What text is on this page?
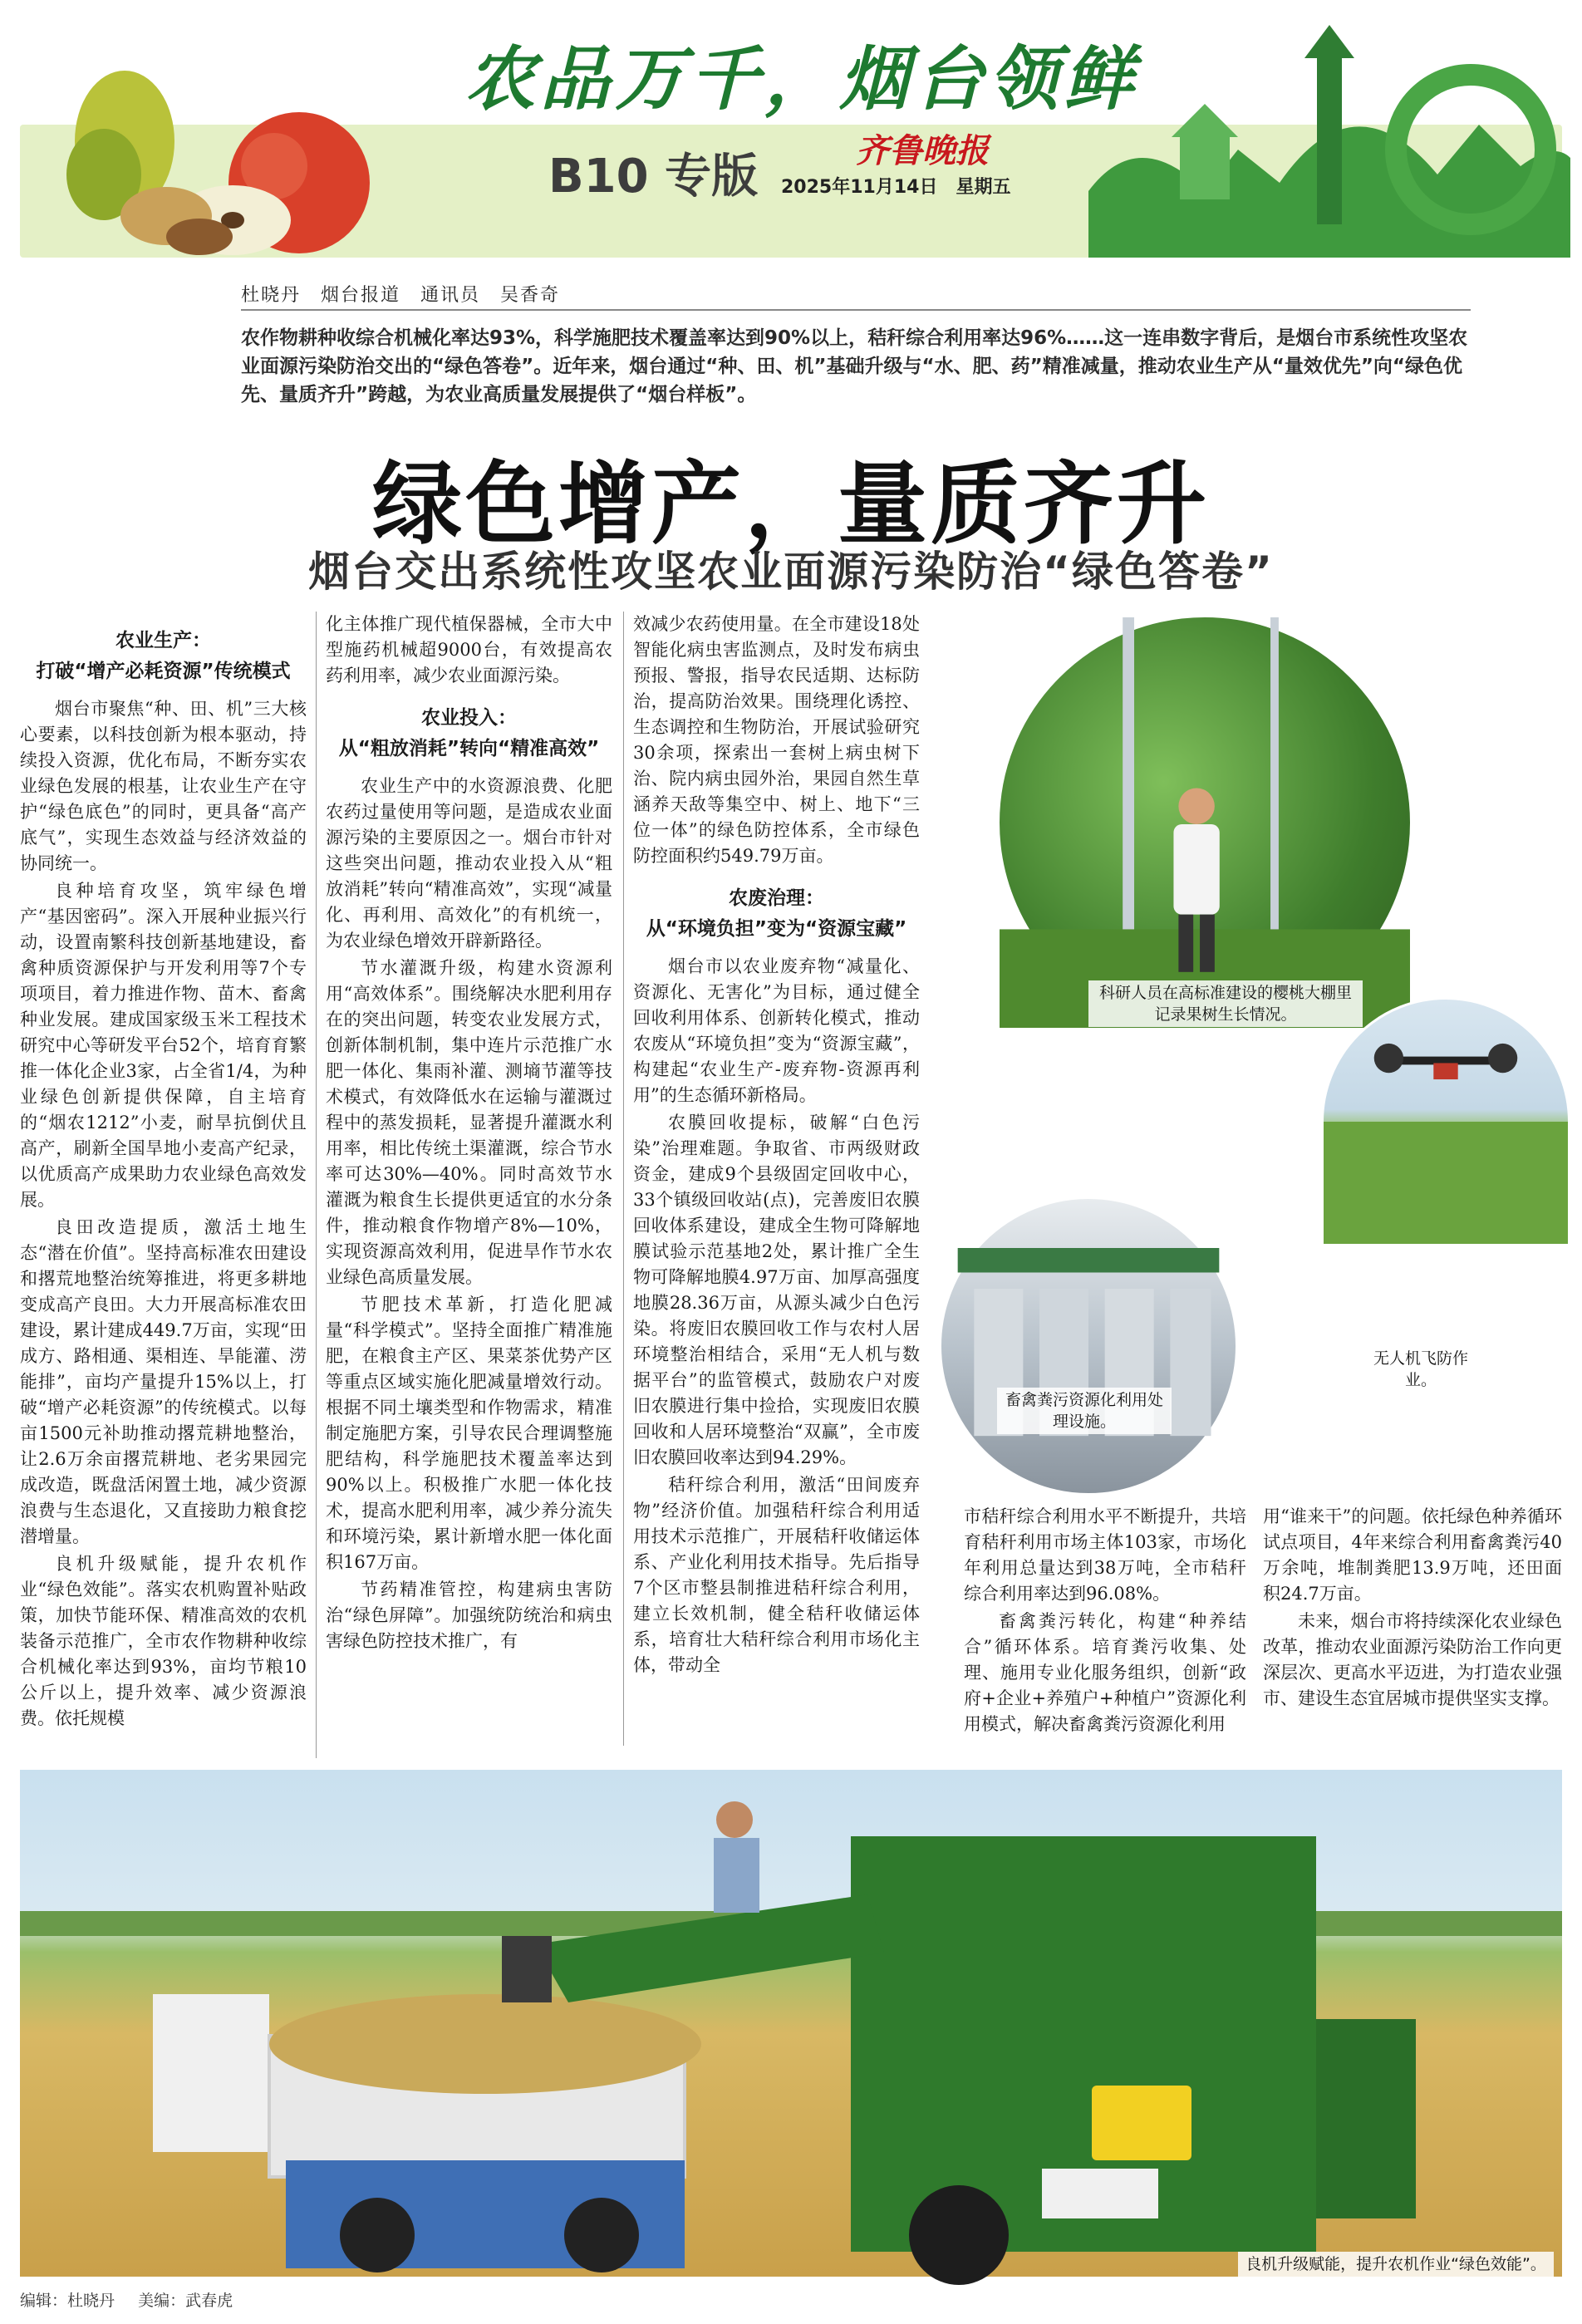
农品万千，烟台领鲜
B10 专版	齐鲁晚报
2025年11月14日　星期五
杜晓丹　烟台报道　通讯员　吴香奇
农作物耕种收综合机械化率达93%，科学施肥技术覆盖率达到90%以上，秸秆综合利用率达96%……这一连串数字背后，是烟台市系统性攻坚农业面源污染防治交出的“绿色答卷”。近年来，烟台通过“种、田、机”基础升级与“水、肥、药”精准减量，推动农业生产从“量效优先”向“绿色优先、量质齐升”跨越，为农业高质量发展提供了“烟台样板”。
绿色增产，量质齐升
烟台交出系统性攻坚农业面源污染防治“绿色答卷”
农业生产：
打破“增产必耗资源”传统模式

烟台市聚焦“种、田、机”三大核心要素，以科技创新为根本驱动，持续投入资源，优化布局，不断夯实农业绿色发展的根基，让农业生产在守护“绿色底色”的同时，更具备“高产底气”，实现生态效益与经济效益的协同统一。

良种培育攻坚，筑牢绿色增产“基因密码”。深入开展种业振兴行动，设置南繁科技创新基地建设，畜禽种质资源保护与开发利用等7个专项项目，着力推进作物、苗木、畜禽种业发展。建成国家级玉米工程技术研究中心等研发平台52个，培育育繁推一体化企业3家，占全省1/4，为种业绿色创新提供保障，自主培育的“烟农1212”小麦，耐旱抗倒伏且高产，刷新全国旱地小麦高产纪录，以优质高产成果助力农业绿色高效发展。

良田改造提质，激活土地生态“潜在价值”。坚持高标准农田建设和撂荒地整治统筹推进，将更多耕地变成高产良田。大力开展高标准农田建设，累计建成449.7万亩，实现“田成方、路相通、渠相连、旱能灌、涝能排”，亩均产量提升15%以上，打破“增产必耗资源”的传统模式。以每亩1500元补助推动撂荒耕地整治，让2.6万余亩撂荒耕地、老劣果园完成改造，既盘活闲置土地，减少资源浪费与生态退化，又直接助力粮食挖潜增量。

良机升级赋能，提升农机作业“绿色效能”。落实农机购置补贴政策，加快节能环保、精准高效的农机装备示范推广，全市农作物耕种收综合机械化率达到93%，亩均节粮10公斤以上，提升效率、减少资源浪费。依托规模

化主体推广现代植保器械，全市大中型施药机械超9000台，有效提高农药利用率，减少农业面源污染。

农业投入：
从“粗放消耗”转向“精准高效”

农业生产中的水资源浪费、化肥农药过量使用等问题，是造成农业面源污染的主要原因之一。烟台市针对这些突出问题，推动农业投入从“粗放消耗”转向“精准高效”，实现“减量化、再利用、高效化”的有机统一，为农业绿色增效开辟新路径。

节水灌溉升级，构建水资源利用“高效体系”。围绕解决水肥利用存在的突出问题，转变农业发展方式，创新体制机制，集中连片示范推广水肥一体化、集雨补灌、测墒节灌等技术模式，有效降低水在运输与灌溉过程中的蒸发损耗，显著提升灌溉水利用率，相比传统土渠灌溉，综合节水率可达30%—40%。同时高效节水灌溉为粮食生长提供更适宜的水分条件，推动粮食作物增产8%—10%，实现资源高效利用，促进旱作节水农业绿色高质量发展。

节肥技术革新，打造化肥减量“科学模式”。坚持全面推广精准施肥，在粮食主产区、果菜茶优势产区等重点区域实施化肥减量增效行动。根据不同土壤类型和作物需求，精准制定施肥方案，引导农民合理调整施肥结构，科学施肥技术覆盖率达到90%以上。积极推广水肥一体化技术，提高水肥利用率，减少养分流失和环境污染，累计新增水肥一体化面积167万亩。

节药精准管控，构建病虫害防治“绿色屏障”。加强统防统治和病虫害绿色防控技术推广，有

效减少农药使用量。在全市建设18处智能化病虫害监测点，及时发布病虫预报、警报，指导农民适期、达标防治，提高防治效果。围绕理化诱控、生态调控和生物防治，开展试验研究30余项，探索出一套树上病虫树下治、院内病虫园外治，果园自然生草涵养天敌等集空中、树上、地下“三位一体”的绿色防控体系，全市绿色防控面积约549.79万亩。

农废治理：
从“环境负担”变为“资源宝藏”

烟台市以农业废弃物“减量化、资源化、无害化”为目标，通过健全回收利用体系、创新转化模式，推动农废从“环境负担”变为“资源宝藏”，构建起“农业生产-废弃物-资源再利用”的生态循环新格局。

农膜回收提标，破解“白色污染”治理难题。争取省、市两级财政资金，建成9个县级固定回收中心，33个镇级回收站(点)，完善废旧农膜回收体系建设，建成全生物可降解地膜试验示范基地2处，累计推广全生物可降解地膜4.97万亩、加厚高强度地膜28.36万亩，从源头减少白色污染。将废旧农膜回收工作与农村人居环境整治相结合，采用“无人机与数据平台”的监管模式，鼓励农户对废旧农膜进行集中捡拾，实现废旧农膜回收和人居环境整治“双赢”，全市废旧农膜回收率达到94.29%。

秸秆综合利用，激活“田间废弃物”经济价值。加强秸秆综合利用适用技术示范推广，开展秸秆收储运体系、产业化利用技术指导。先后指导7个区市整县制推进秸秆综合利用，建立长效机制，健全秸秆收储运体系，培育壮大秸秆综合利用市场化主体，带动全

科研人员在高标准建设的樱桃大棚里记录果树生长情况。
无人机飞防作业。
畜禽粪污资源化利用处理设施。

市秸秆综合利用水平不断提升，共培育秸秆利用市场主体103家，市场化年利用总量达到38万吨，全市秸秆综合利用率达到96.08%。

畜禽粪污转化，构建“种养结合”循环体系。培育粪污收集、处理、施用专业化服务组织，创新“政府+企业+养殖户+种植户”资源化利用模式，解决畜禽粪污资源化利用

用“谁来干”的问题。依托绿色种养循环试点项目，4年来综合利用畜禽粪污40万余吨，堆制粪肥13.9万吨，还田面积24.7万亩。

未来，烟台市将持续深化农业绿色改革，推动农业面源污染防治工作向更深层次、更高水平迈进，为打造农业强市、建设生态宜居城市提供坚实支撑。

良机升级赋能，提升农机作业“绿色效能”。
编辑：杜晓丹 美编：武春虎
